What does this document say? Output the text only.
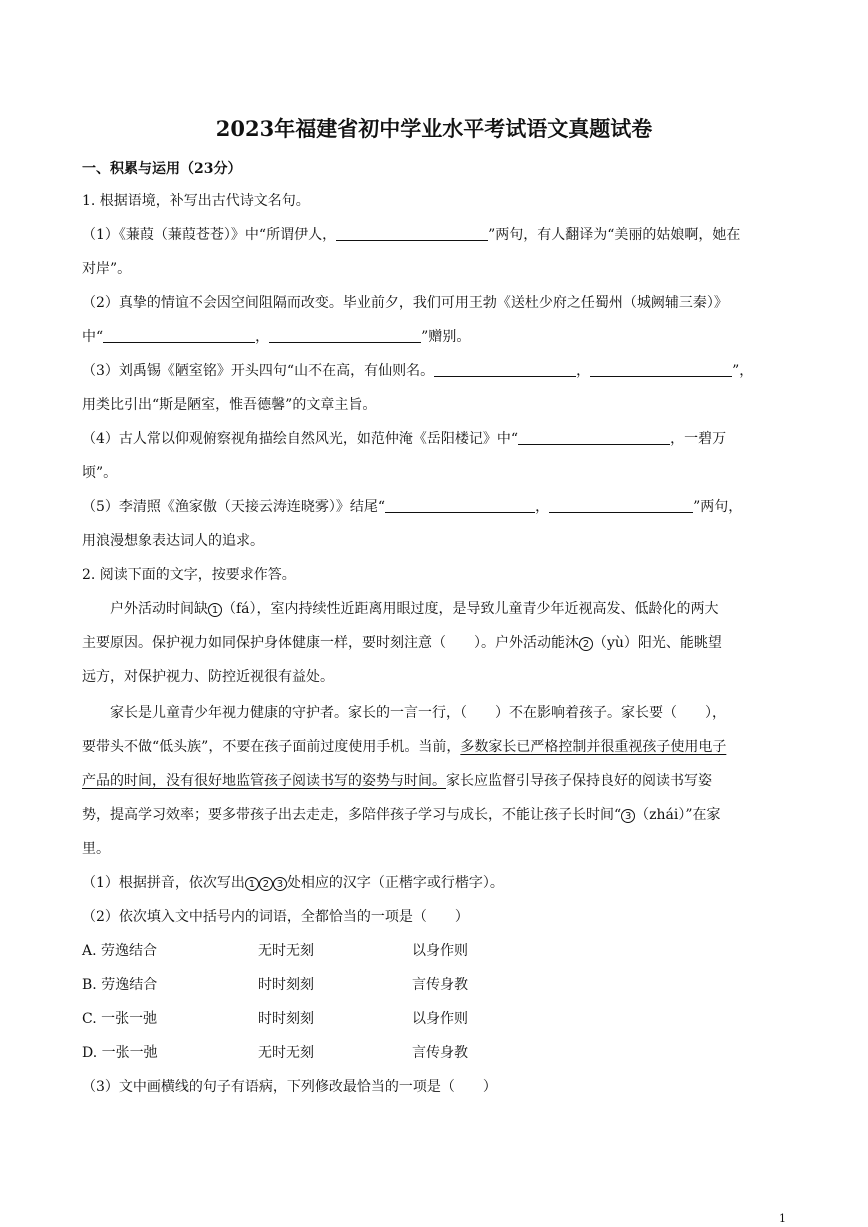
2023年福建省初中学业水平考试语文真题试卷
一、积累与运用（23分）
1. 根据语境，补写出古代诗文名句。
（1）《蒹葭（蒹葭苍苍）》中“所谓伊人，	”两句，有人翻译为“美丽的姑娘啊，她在
对岸”。
（2）真挚的情谊不会因空间阻隔而改变。毕业前夕，我们可用王勃《送杜少府之任蜀州（城阙辅三秦）》
中“	，	”赠别。
（3）刘禹锡《陋室铭》开头四句“山不在高，有仙则名。	，	”，
用类比引出“斯是陋室，惟吾德馨”的文章主旨。
（4）古人常以仰观俯察视角描绘自然风光，如范仲淹《岳阳楼记》中“	，一碧万
顷”。
（5）李清照《渔家傲（天接云涛连晓雾）》结尾“	，	”两句，
用浪漫想象表达词人的追求。
2. 阅读下面的文字，按要求作答。
户外活动时间缺 1 （fá），室内持续性近距离用眼过度，是导致儿童青少年近视高发、低龄化的两大
主要原因。保护视力如同保护身体健康一样，要时刻注意（　　）。户外活动能沐 2 （yù）阳光、能眺望
远方，对保护视力、防控近视很有益处。
家长是儿童青少年视力健康的守护者。家长的一言一行，（　　）不在影响着孩子。家长要（　　），
要带头不做“低头族”，不要在孩子面前过度使用手机。当前，多数家长已严格控制并很重视孩子使用电子
产品的时间，没有很好地监管孩子阅读书写的姿势与时间。家长应监督引导孩子保持良好的阅读书写姿
势，提高学习效率；要多带孩子出去走走，多陪伴孩子学习与成长，不能让孩子长时间“ 3 （zhái）”在家
里。
（1）根据拼音，依次写出 1 2 3 处相应的汉字（正楷字或行楷字）。
（2）依次填入文中括号内的词语，全都恰当的一项是（　　）
A. 劳逸结合	无时无刻	以身作则
B. 劳逸结合	时时刻刻	言传身教
C. 一张一弛	时时刻刻	以身作则
D. 一张一弛	无时无刻	言传身教
（3）文中画横线的句子有语病，下列修改最恰当的一项是（　　）
1
